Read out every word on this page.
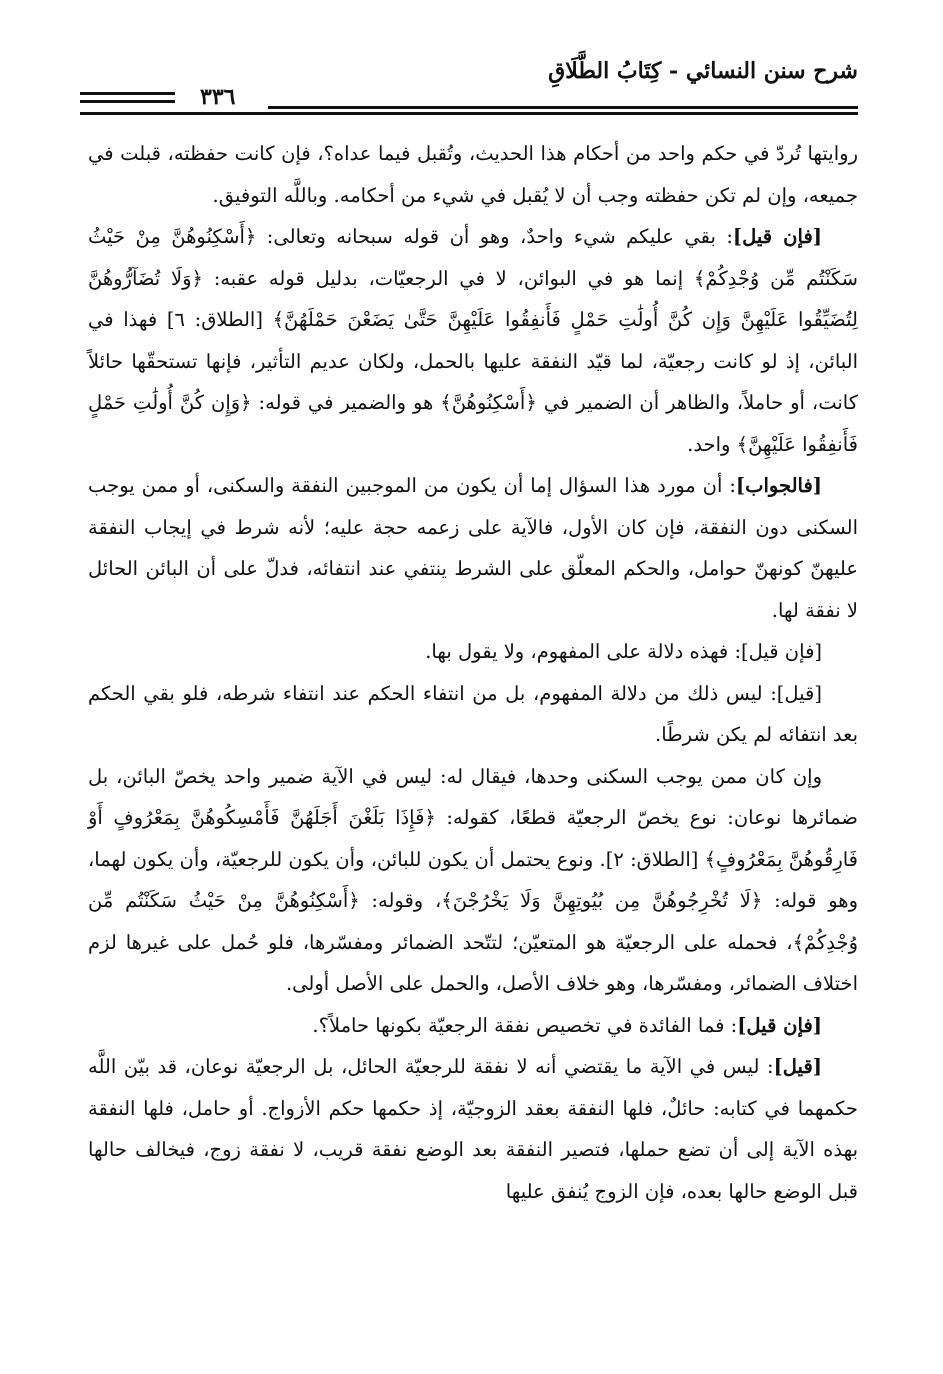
شرح سنن النسائي - كِتَابُ الطَّلَاقِ
٣٣٦

روايتها تُردّ في حكم واحد من أحكام هذا الحديث، وتُقبل فيما عداه؟، فإن كانت حفظته، قبلت في جميعه، وإن لم تكن حفظته وجب أن لا يُقبل في شيء من أحكامه. وباللَّه التوفيق.

[فإن قيل]: بقي عليكم شيء واحدٌ، وهو أن قوله سبحانه وتعالى: ﴿أَسْكِنُوهُنَّ مِنْ حَيْثُ سَكَنْتُم مِّن وُجْدِكُمْ﴾ إنما هو في البوائن، لا في الرجعيّات، بدليل قوله عقبه: ﴿وَلَا تُضَآرُّوهُنَّ لِتُضَيِّقُوا عَلَيْهِنَّ وَإِن كُنَّ أُولَٰتِ حَمْلٍ فَأَنفِقُوا عَلَيْهِنَّ حَتَّىٰ يَضَعْنَ حَمْلَهُنَّ﴾ [الطلاق: ٦] فهذا في البائن، إذ لو كانت رجعيّة، لما قيّد النفقة عليها بالحمل، ولكان عديم التأثير، فإنها تستحقّها حائلاً كانت، أو حاملاً، والظاهر أن الضمير في ﴿أَسْكِنُوهُنَّ﴾ هو والضمير في قوله: ﴿وَإِن كُنَّ أُولَٰتِ حَمْلٍ فَأَنفِقُوا عَلَيْهِنَّ﴾ واحد.

[فالجواب]: أن مورد هذا السؤال إما أن يكون من الموجبين النفقة والسكنى، أو ممن يوجب السكنى دون النفقة، فإن كان الأول، فالآية على زعمه حجة عليه؛ لأنه شرط في إيجاب النفقة عليهنّ كونهنّ حوامل، والحكم المعلّق على الشرط ينتفي عند انتفائه، فدلّ على أن البائن الحائل لا نفقة لها.

[فإن قيل]: فهذه دلالة على المفهوم، ولا يقول بها.

[قيل]: ليس ذلك من دلالة المفهوم، بل من انتفاء الحكم عند انتفاء شرطه، فلو بقي الحكم بعد انتفائه لم يكن شرطًا.

وإن كان ممن يوجب السكنى وحدها، فيقال له: ليس في الآية ضمير واحد يخصّ البائن، بل ضمائرها نوعان: نوع يخصّ الرجعيّة قطعًا، كقوله: ﴿فَإِذَا بَلَغْنَ أَجَلَهُنَّ فَأَمْسِكُوهُنَّ بِمَعْرُوفٍ أَوْ فَارِقُوهُنَّ بِمَعْرُوفٍ﴾ [الطلاق: ٢]. ونوع يحتمل أن يكون للبائن، وأن يكون للرجعيّة، وأن يكون لهما، وهو قوله: ﴿لَا تُخْرِجُوهُنَّ مِن بُيُوتِهِنَّ وَلَا يَخْرُجْنَ﴾، وقوله: ﴿أَسْكِنُوهُنَّ مِنْ حَيْثُ سَكَنْتُم مِّن وُجْدِكُمْ﴾، فحمله على الرجعيّة هو المتعيّن؛ لتتّحد الضمائر ومفسّرها، فلو حُمل على غيرها لزم اختلاف الضمائر، ومفسّرها، وهو خلاف الأصل، والحمل على الأصل أولى.

[فإن قيل]: فما الفائدة في تخصيص نفقة الرجعيّة بكونها حاملاً؟.

[قيل]: ليس في الآية ما يقتضي أنه لا نفقة للرجعيّة الحائل، بل الرجعيّة نوعان، قد بيّن اللَّه حكمهما في كتابه: حائلٌ، فلها النفقة بعقد الزوجيّة، إذ حكمها حكم الأزواج. أو حامل، فلها النفقة بهذه الآية إلى أن تضع حملها، فتصير النفقة بعد الوضع نفقة قريب، لا نفقة زوج، فيخالف حالها قبل الوضع حالها بعده، فإن الزوج يُنفق عليها
